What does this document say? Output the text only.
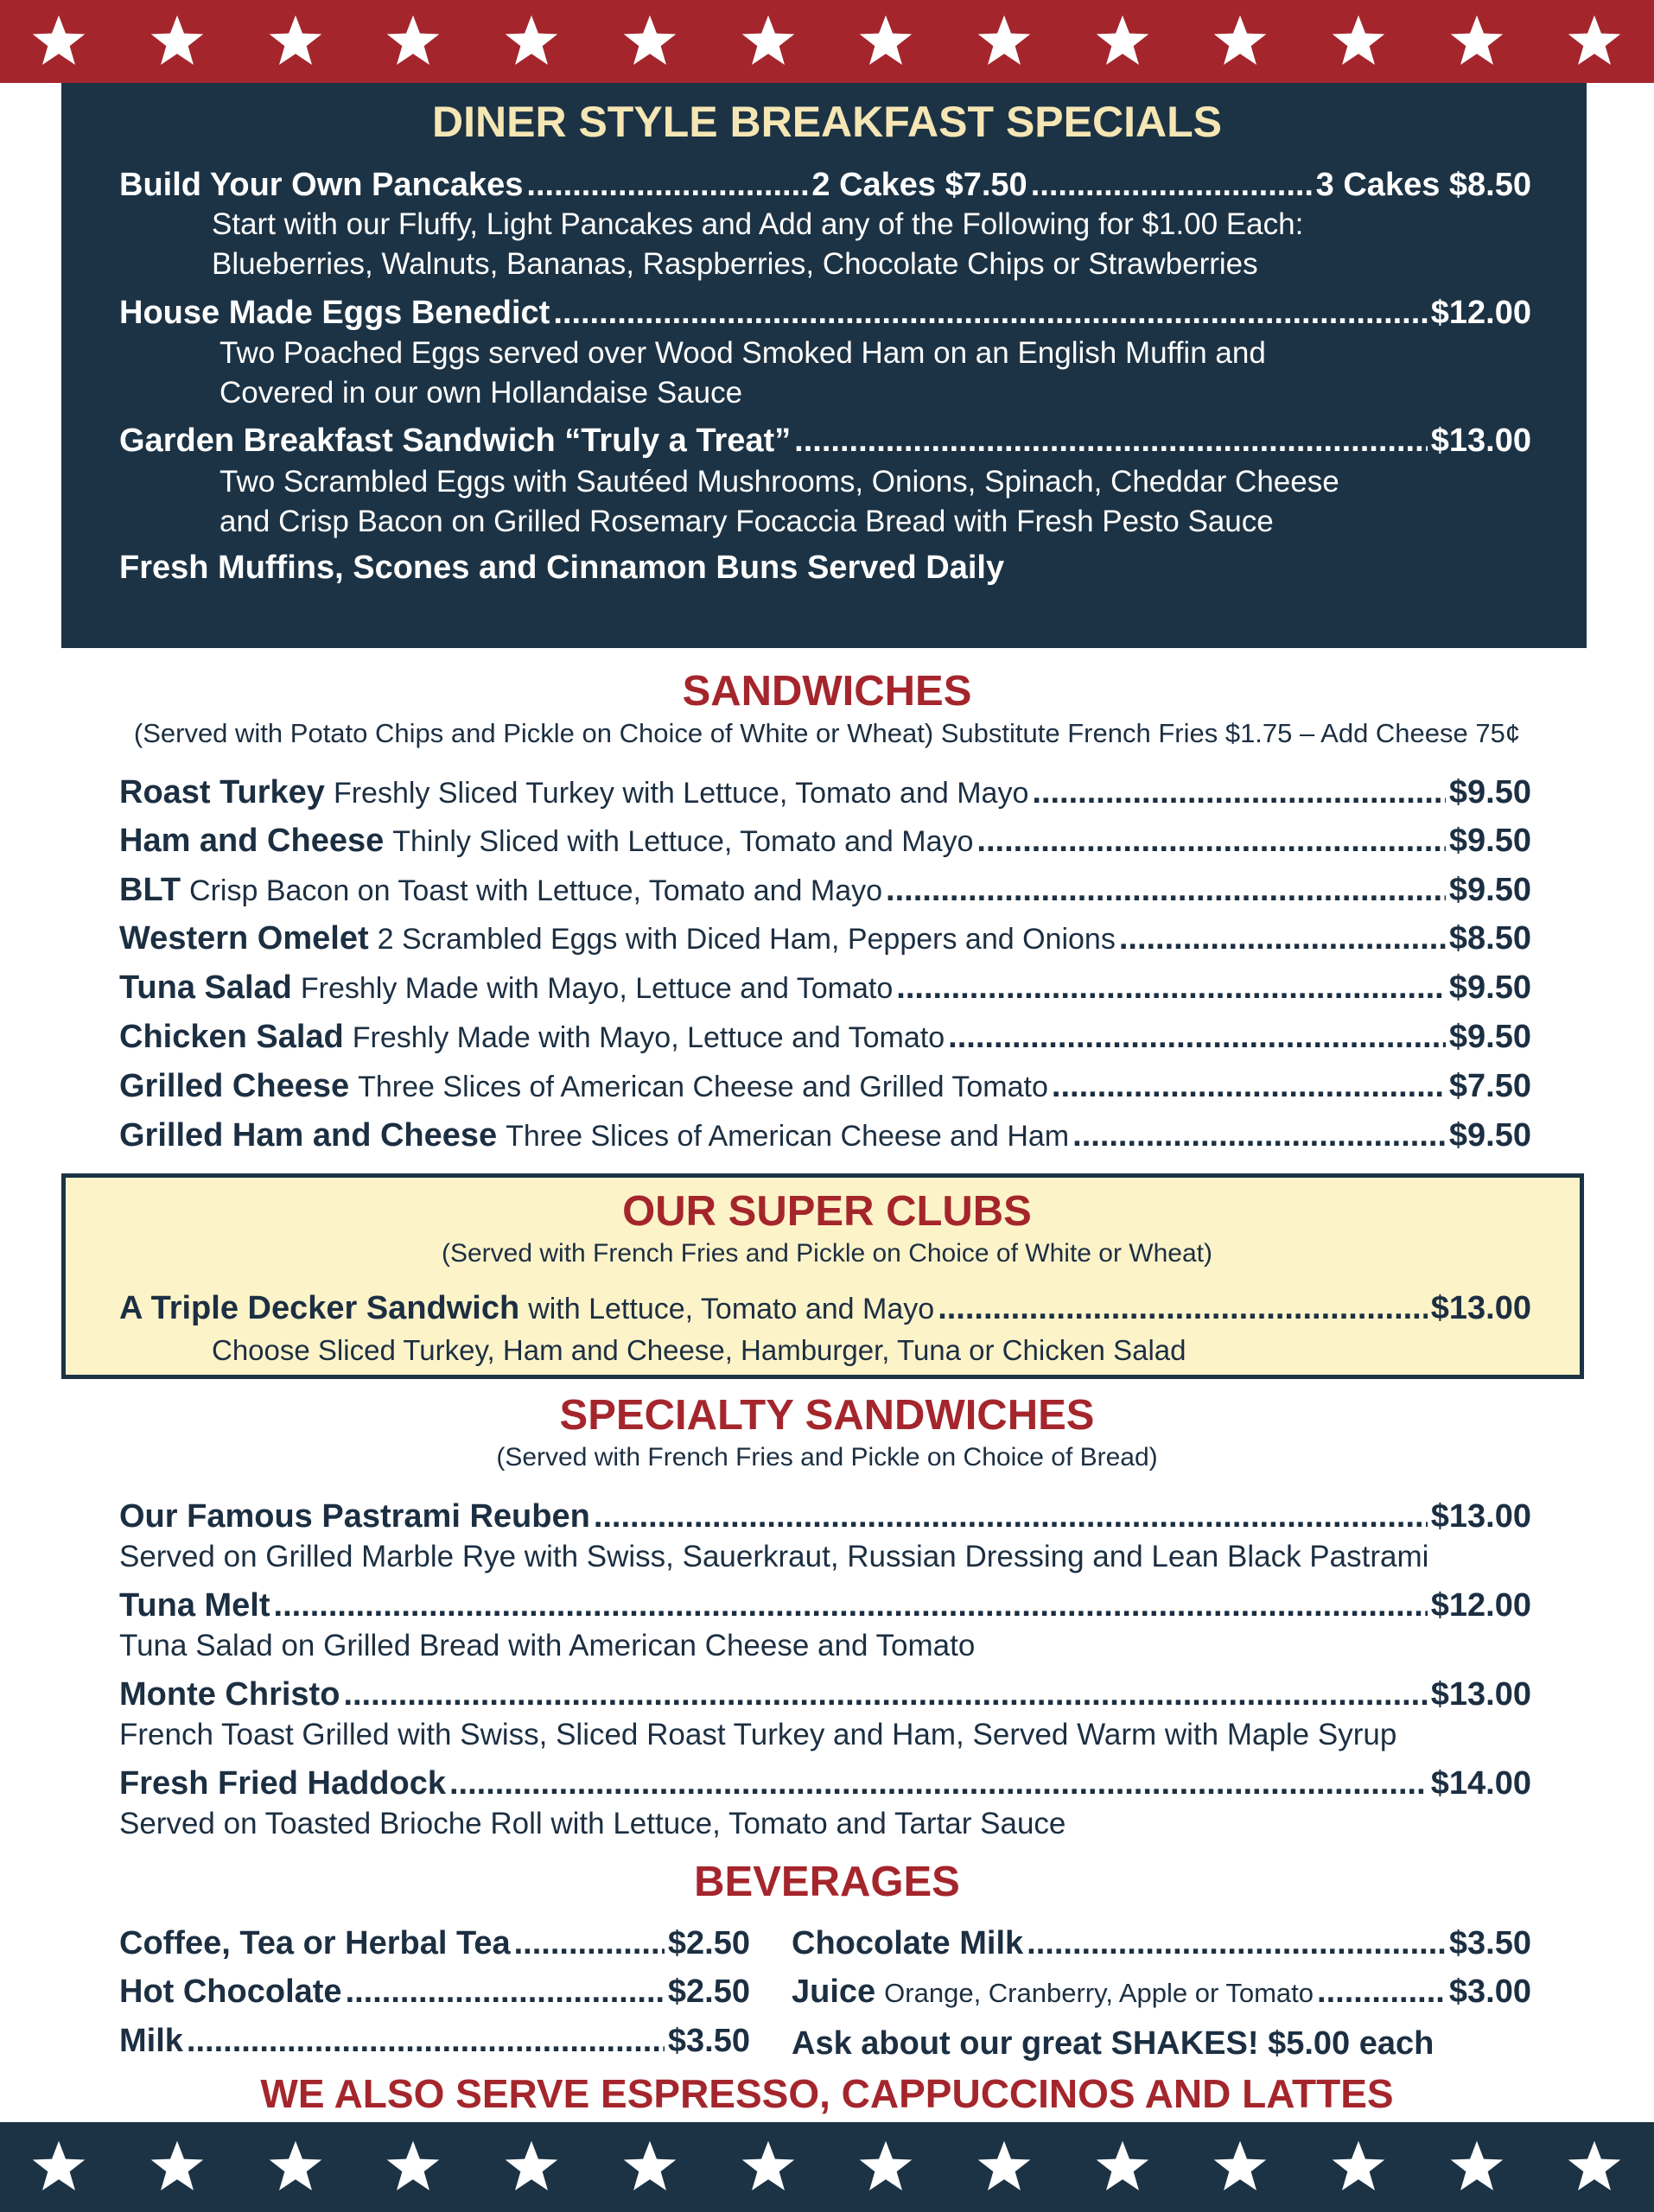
DINER STYLE BREAKFAST SPECIALS
Build Your Own Pancakes .....	2 Cakes $7.50 .....	3 Cakes $8.50
Start with our Fluffy, Light Pancakes and Add any of the Following for $1.00 Each:
Blueberries, Walnuts, Bananas, Raspberries, Chocolate Chips or Strawberries
House Made Eggs Benedict .....	$12.00
Two Poached Eggs served over Wood Smoked Ham on an English Muffin and
Covered in our own Hollandaise Sauce
Garden Breakfast Sandwich “Truly a Treat” .....	$13.00
Two Scrambled Eggs with Sautéed Mushrooms, Onions, Spinach, Cheddar Cheese
and Crisp Bacon on Grilled Rosemary Focaccia Bread with Fresh Pesto Sauce
Fresh Muffins, Scones and Cinnamon Buns Served Daily
SANDWICHES
(Served with Potato Chips and Pickle on Choice of White or Wheat) Substitute French Fries $1.75 – Add Cheese 75¢
Roast Turkey Freshly Sliced Turkey with Lettuce, Tomato and Mayo .....	$9.50
Ham and Cheese Thinly Sliced with Lettuce, Tomato and Mayo .....	$9.50
BLT Crisp Bacon on Toast with Lettuce, Tomato and Mayo .....	$9.50
Western Omelet 2 Scrambled Eggs with Diced Ham, Peppers and Onions .....	$8.50
Tuna Salad Freshly Made with Mayo, Lettuce and Tomato .....	$9.50
Chicken Salad Freshly Made with Mayo, Lettuce and Tomato .....	$9.50
Grilled Cheese Three Slices of American Cheese and Grilled Tomato .....	$7.50
Grilled Ham and Cheese Three Slices of American Cheese and Ham .....	$9.50
OUR SUPER CLUBS
(Served with French Fries and Pickle on Choice of White or Wheat)
A Triple Decker Sandwich with Lettuce, Tomato and Mayo .....	$13.00
Choose Sliced Turkey, Ham and Cheese, Hamburger, Tuna or Chicken Salad
SPECIALTY SANDWICHES
(Served with French Fries and Pickle on Choice of Bread)
Our Famous Pastrami Reuben .....	$13.00
Served on Grilled Marble Rye with Swiss, Sauerkraut, Russian Dressing and Lean Black Pastrami
Tuna Melt .....	$12.00
Tuna Salad on Grilled Bread with American Cheese and Tomato
Monte Christo .....	$13.00
French Toast Grilled with Swiss, Sliced Roast Turkey and Ham, Served Warm with Maple Syrup
Fresh Fried Haddock .....	$14.00
Served on Toasted Brioche Roll with Lettuce, Tomato and Tartar Sauce
BEVERAGES
Coffee, Tea or Herbal Tea .....	$2.50
Hot Chocolate .....	$2.50
Milk .....	$3.50
Chocolate Milk .....	$3.50
Juice Orange, Cranberry, Apple or Tomato .....	$3.00
Ask about our great SHAKES! $5.00 each
WE ALSO SERVE ESPRESSO, CAPPUCCINOS AND LATTES
